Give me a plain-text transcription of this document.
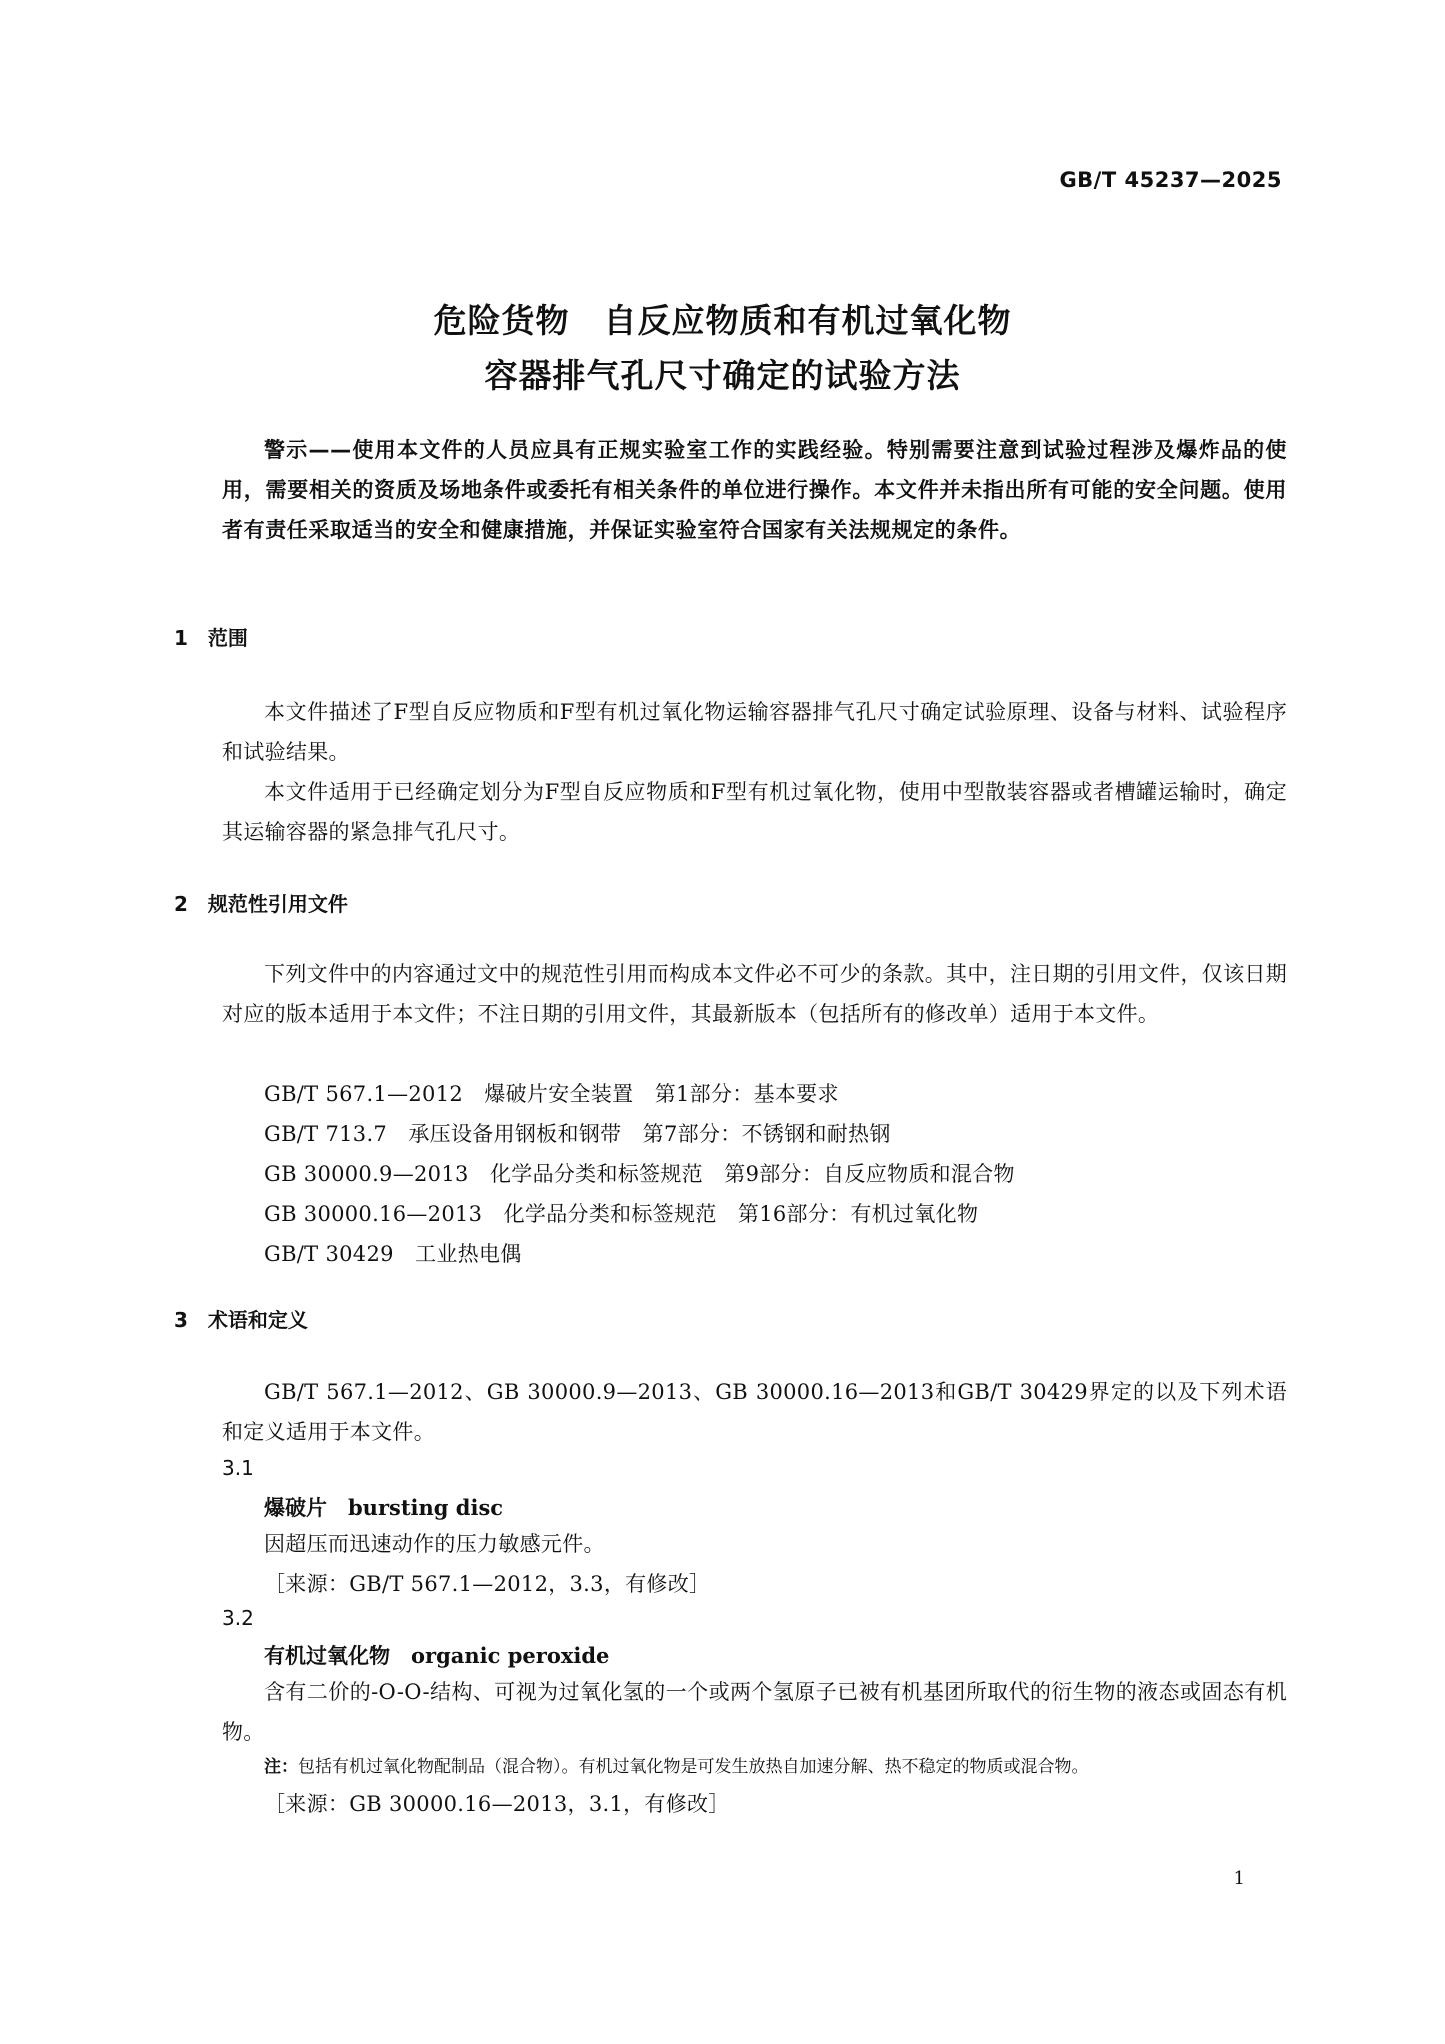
GB/T 45237—2025
危险货物　自反应物质和有机过氧化物
容器排气孔尺寸确定的试验方法
警示——使用本文件的人员应具有正规实验室工作的实践经验。特别需要注意到试验过程涉及爆炸品的使用，需要相关的资质及场地条件或委托有相关条件的单位进行操作。本文件并未指出所有可能的安全问题。使用者有责任采取适当的安全和健康措施，并保证实验室符合国家有关法规规定的条件。
1　范围
本文件描述了F型自反应物质和F型有机过氧化物运输容器排气孔尺寸确定试验原理、设备与材料、试验程序和试验结果。
本文件适用于已经确定划分为F型自反应物质和F型有机过氧化物，使用中型散装容器或者槽罐运输时，确定其运输容器的紧急排气孔尺寸。
2　规范性引用文件
下列文件中的内容通过文中的规范性引用而构成本文件必不可少的条款。其中，注日期的引用文件，仅该日期对应的版本适用于本文件；不注日期的引用文件，其最新版本（包括所有的修改单）适用于本文件。
GB/T 567.1—2012　爆破片安全装置　第1部分：基本要求
GB/T 713.7　承压设备用钢板和钢带　第7部分：不锈钢和耐热钢
GB 30000.9—2013　化学品分类和标签规范　第9部分：自反应物质和混合物
GB 30000.16—2013　化学品分类和标签规范　第16部分：有机过氧化物
GB/T 30429　工业热电偶
3　术语和定义
GB/T 567.1—2012、GB 30000.9—2013、GB 30000.16—2013和GB/T 30429界定的以及下列术语和定义适用于本文件。
3.1
爆破片　 bursting disc
因超压而迅速动作的压力敏感元件。
［来源：GB/T 567.1—2012，3.3，有修改］
3.2
有机过氧化物　 organic peroxide
含有二价的-O-O-结构、可视为过氧化氢的一个或两个氢原子已被有机基团所取代的衍生物的液态或固态有机物。
注：包括有机过氧化物配制品（混合物）。有机过氧化物是可发生放热自加速分解、热不稳定的物质或混合物。
［来源：GB 30000.16—2013，3.1，有修改］
1
